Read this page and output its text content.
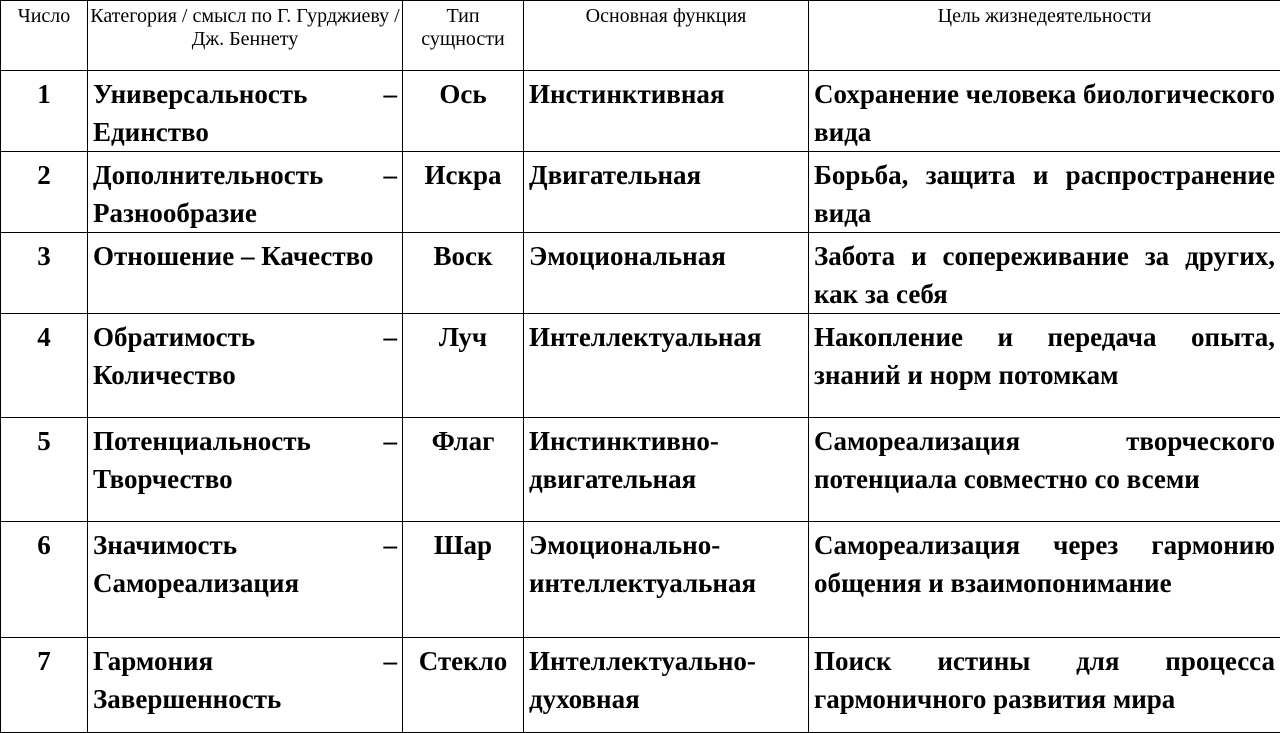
Число	Категория / смысл по Г. Гурджиеву /Дж. Беннету	Тип сущности	Основная функция	Цель жизнедеятельности
1	Универсальность – Единство	Ось	Инстинктивная	Сохранение человека биологического вида
2	Дополнительность – Разнообразие	Искра	Двигательная	Борьба, защита и распространение вида
3	Отношение – Качество	Воск	Эмоциональная	Забота и сопереживание за других, как за себя
4	Обратимость – Количество	Луч	Интеллектуальная	Накопление и передача опыта, знаний и норм потомкам
5	Потенциальность – Творчество	Флаг	Инстинктивно-двигательная	Самореализация творческого потенциала совместно со всеми
6	Значимость – Самореализация	Шар	Эмоционально-интеллектуальная	Самореализация через гармонию общения и взаимопонимание
7	Гармония – Завершенность	Стекло	Интеллектуально-духовная	Поиск истины для процесса гармоничного развития мира
